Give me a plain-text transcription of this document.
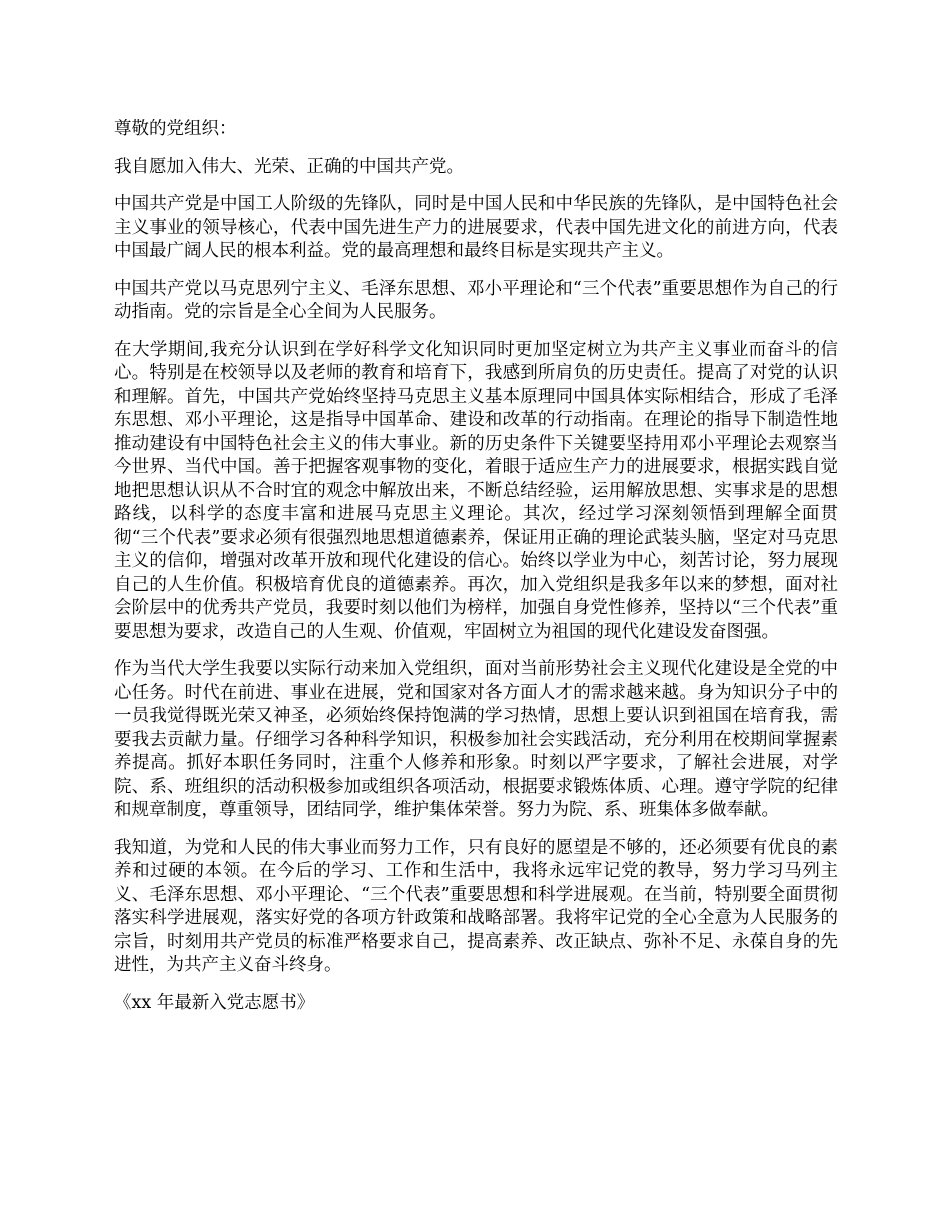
尊敬的党组织：

我自愿加入伟大、光荣、正确的中国共产党。

中国共产党是中国工人阶级的先锋队，同时是中国人民和中华民族的先锋队，是中国特色社会主义事业的领导核心，代表中国先进生产力的进展要求，代表中国先进文化的前进方向，代表中国最广阔人民的根本利益。党的最高理想和最终目标是实现共产主义。

中国共产党以马克思列宁主义、毛泽东思想、邓小平理论和“三个代表”重要思想作为自己的行动指南。党的宗旨是全心全间为人民服务。

在大学期间,我充分认识到在学好科学文化知识同时更加坚定树立为共产主义事业而奋斗的信心。特别是在校领导以及老师的教育和培育下，我感到所肩负的历史责任。提高了对党的认识和理解。首先，中国共产党始终坚持马克思主义基本原理同中国具体实际相结合，形成了毛泽东思想、邓小平理论，这是指导中国革命、建设和改革的行动指南。在理论的指导下制造性地推动建设有中国特色社会主义的伟大事业。新的历史条件下关键要坚持用邓小平理论去观察当今世界、当代中国。善于把握客观事物的变化，着眼于适应生产力的进展要求，根据实践自觉地把思想认识从不合时宜的观念中解放出来，不断总结经验，运用解放思想、实事求是的思想路线，以科学的态度丰富和进展马克思主义理论。其次，经过学习深刻领悟到理解全面贯彻“三个代表”要求必须有很强烈地思想道德素养，保证用正确的理论武装头脑，坚定对马克思主义的信仰，增强对改革开放和现代化建设的信心。始终以学业为中心，刻苦讨论，努力展现自己的人生价值。积极培育优良的道德素养。再次，加入党组织是我多年以来的梦想，面对社会阶层中的优秀共产党员，我要时刻以他们为榜样，加强自身党性修养，坚持以“三个代表”重要思想为要求，改造自己的人生观、价值观，牢固树立为祖国的现代化建设发奋图强。

作为当代大学生我要以实际行动来加入党组织，面对当前形势社会主义现代化建设是全党的中心任务。时代在前进、事业在进展，党和国家对各方面人才的需求越来越。身为知识分子中的一员我觉得既光荣又神圣，必须始终保持饱满的学习热情，思想上要认识到祖国在培育我，需要我去贡献力量。仔细学习各种科学知识，积极参加社会实践活动，充分利用在校期间掌握素养提高。抓好本职任务同时，注重个人修养和形象。时刻以严字要求，了解社会进展，对学院、系、班组织的活动积极参加或组织各项活动，根据要求锻炼体质、心理。遵守学院的纪律和规章制度，尊重领导，团结同学，维护集体荣誉。努力为院、系、班集体多做奉献。

我知道，为党和人民的伟大事业而努力工作，只有良好的愿望是不够的，还必须要有优良的素养和过硬的本领。在今后的学习、工作和生活中，我将永远牢记党的教导，努力学习马列主义、毛泽东思想、邓小平理论、“三个代表”重要思想和科学进展观。在当前，特别要全面贯彻落实科学进展观，落实好党的各项方针政策和战略部署。我将牢记党的全心全意为人民服务的宗旨，时刻用共产党员的标准严格要求自己，提高素养、改正缺点、弥补不足、永葆自身的先进性，为共产主义奋斗终身。

《xx 年最新入党志愿书》
